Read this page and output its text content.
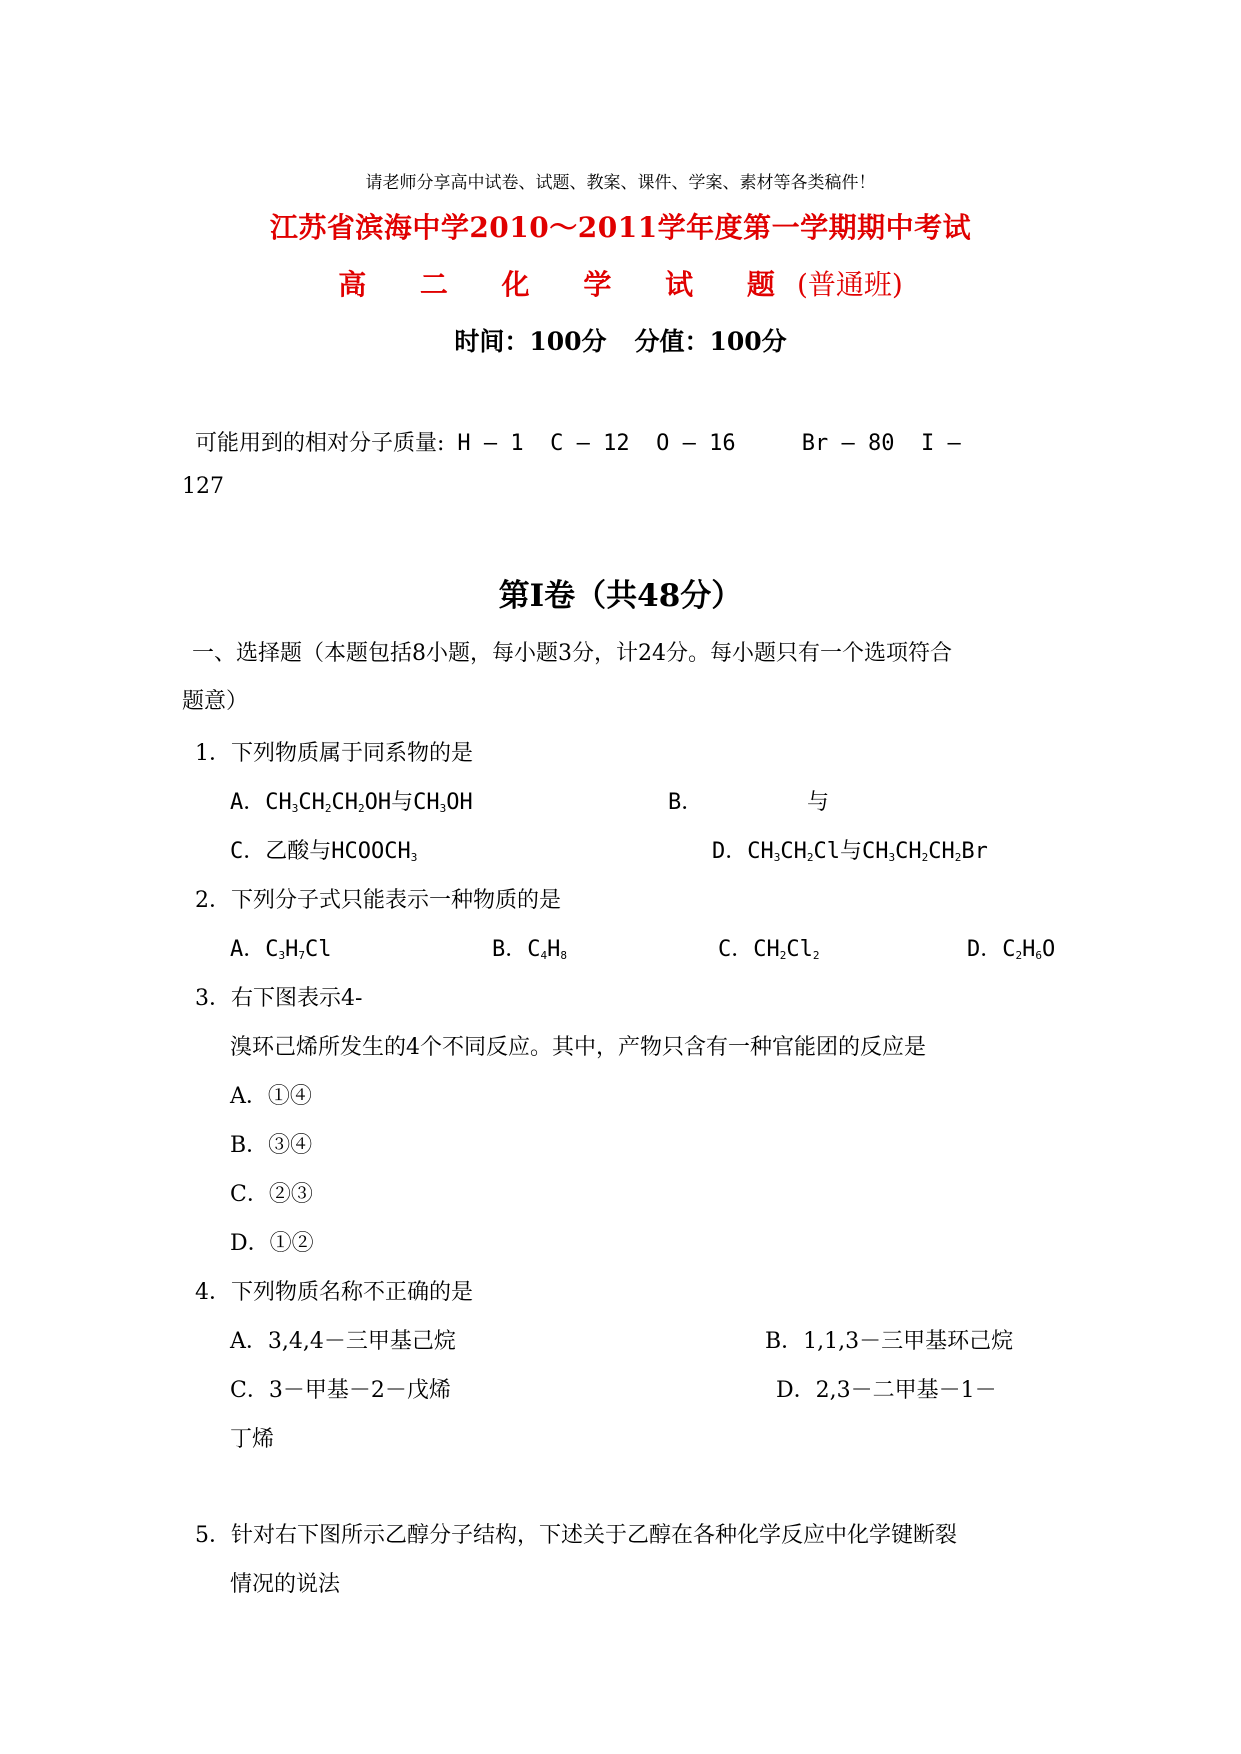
请老师分享高中试卷、试题、教案、课件、学案、素材等各类稿件！
江苏省滨海中学2010～2011学年度第一学期期中考试
高 二 化 学 试 题(普通班)
时间：100分 分值：100分
可能用到的相对分子质量: H – 1  C – 12  O – 16     Br – 80  I –
127
第Ⅰ卷（共48分）
一、选择题（本题包括8小题，每小题3分，计24分。每小题只有一个选项符合
题意）
1．下列物质属于同系物的是
A．$CH_3CH_2CH_2OH$与$CH_3OH$	B．	与
C．乙酸与$HCOOCH_3$	D．$CH_3CH_2Cl$与$CH_3CH_2CH_2Br$
2．下列分子式只能表示一种物质的是
A．$C_3H_7Cl$	B．$C_4H_8$	C．$CH_2Cl_2$	D．$C_2H_6O$
3．右下图表示4-
溴环己烯所发生的4个不同反应。其中，产物只含有一种官能团的反应是
A．①④
B．③④
C．②③
D．①②
4．下列物质名称不正确的是
A．3,4,4－三甲基己烷	B．1,1,3－三甲基环己烷
C．3－甲基－2－戊烯	D．2,3－二甲基－1－
丁烯
5．针对右下图所示乙醇分子结构，下述关于乙醇在各种化学反应中化学键断裂
情况的说法
